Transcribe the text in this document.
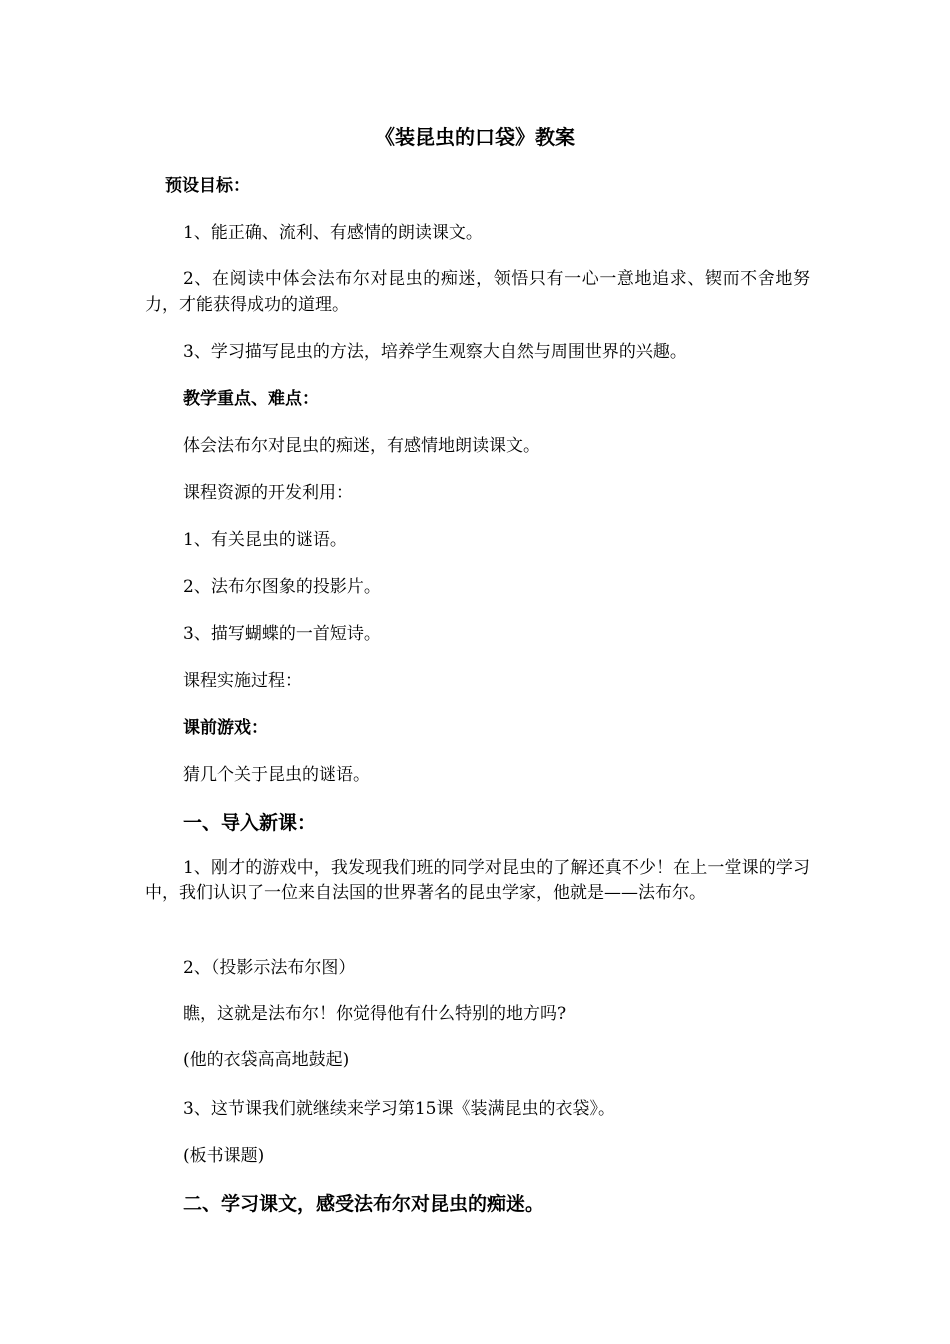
《装昆虫的口袋》教案

预设目标：

1、能正确、流利、有感情的朗读课文。

2、在阅读中体会法布尔对昆虫的痴迷，领悟只有一心一意地追求、锲而不舍地努力，才能获得成功的道理。

3、学习描写昆虫的方法，培养学生观察大自然与周围世界的兴趣。

教学重点、难点：

体会法布尔对昆虫的痴迷，有感情地朗读课文。

课程资源的开发利用：

1、有关昆虫的谜语。

2、法布尔图象的投影片。

3、描写蝴蝶的一首短诗。

课程实施过程：

课前游戏：

猜几个关于昆虫的谜语。

一、导入新课：

1、刚才的游戏中，我发现我们班的同学对昆虫的了解还真不少！在上一堂课的学习中，我们认识了一位来自法国的世界著名的昆虫学家，他就是——法布尔。

2、（投影示法布尔图）

瞧，这就是法布尔！你觉得他有什么特别的地方吗?

(他的衣袋高高地鼓起)

3、这节课我们就继续来学习第15课《装满昆虫的衣袋》。

(板书课题)

二、学习课文，感受法布尔对昆虫的痴迷。
